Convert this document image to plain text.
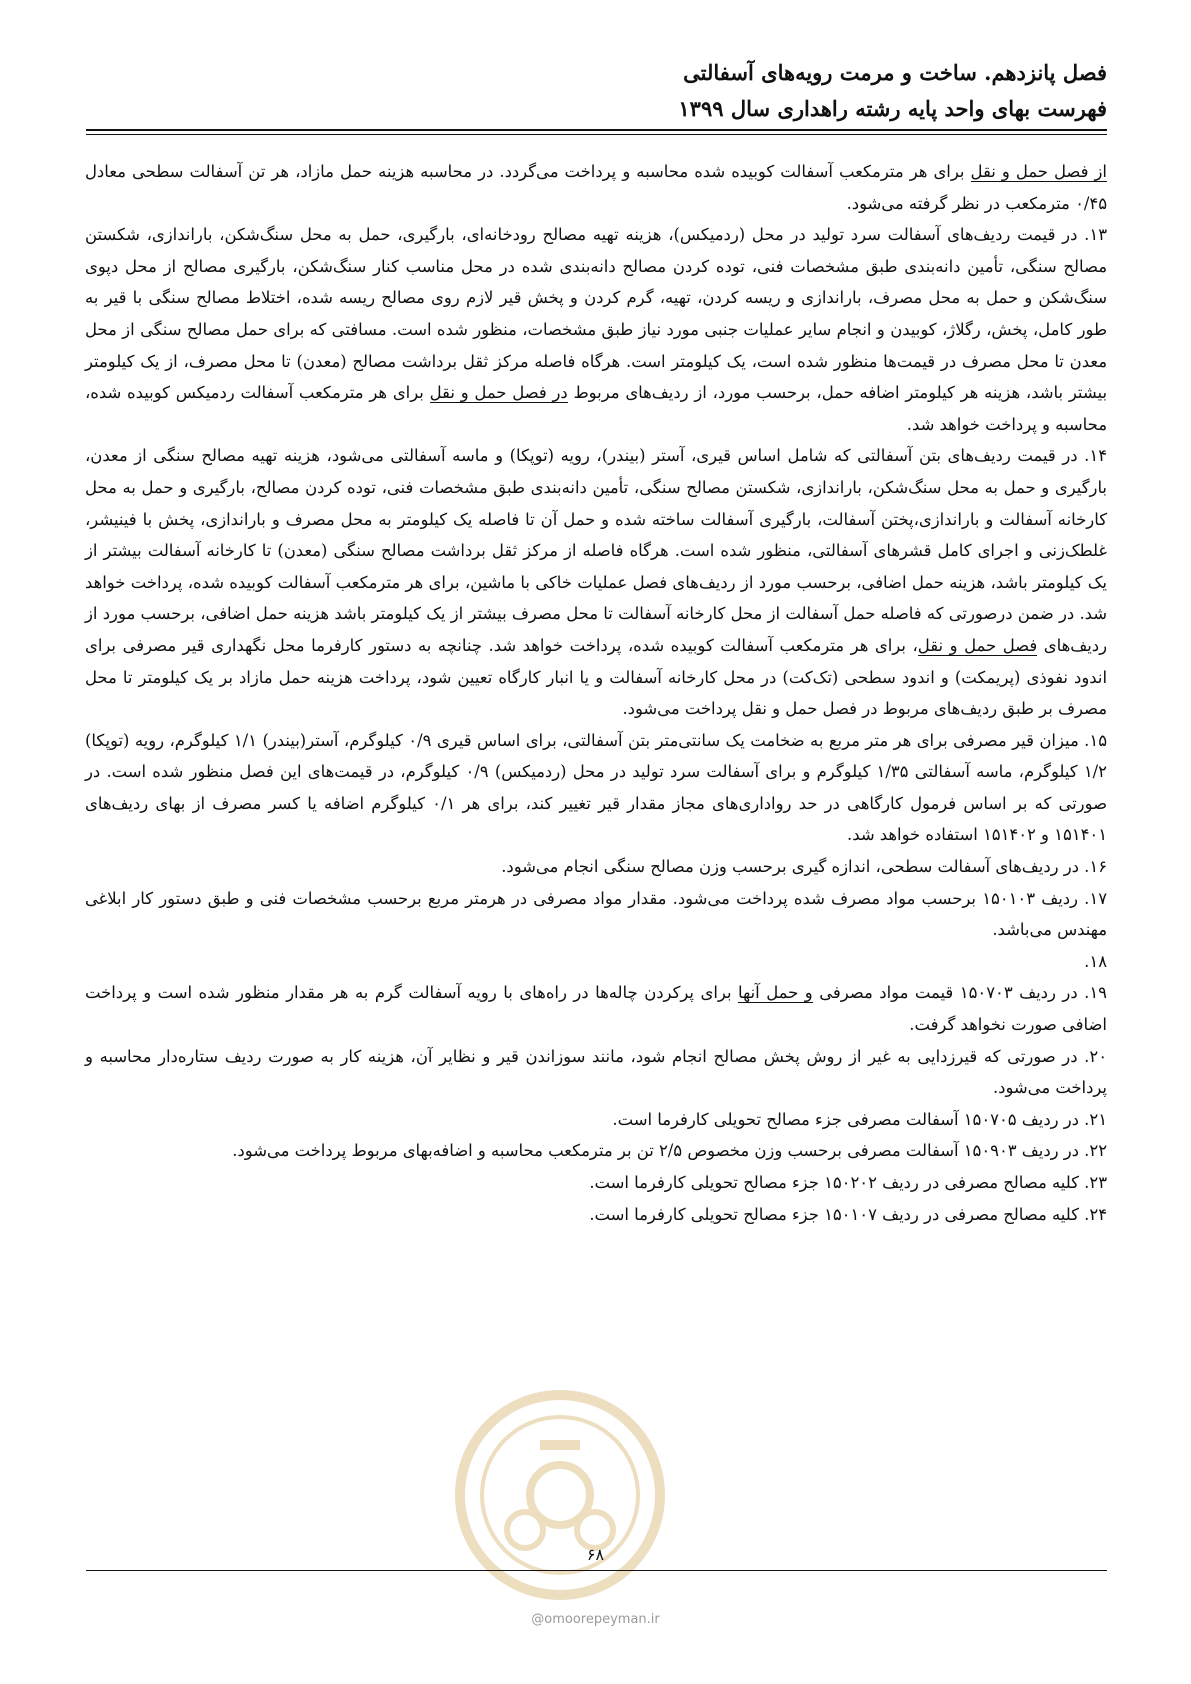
فصل پانزدهم. ساخت و مرمت رویه‌های آسفالتی
فهرست بهای واحد پایه رشته راهداری سال ۱۳۹۹

از فصل حمل و نقل برای هر مترمکعب آسفالت کوبیده شده محاسبه و پرداخت می‌گردد. در محاسبه هزینه حمل مازاد، هر تن آسفالت سطحی معادل ۰/۴۵ مترمکعب در نظر گرفته می‌شود.

۱۳. در قیمت ردیف‌های آسفالت سرد تولید در محل (ردمیکس)، هزینه تهیه مصالح رودخانه‌ای، بارگیری، حمل به محل سنگ‌شکن، باراندازی، شکستن مصالح سنگی، تأمین دانه‌بندی طبق مشخصات فنی، توده کردن مصالح دانه‌بندی شده در محل مناسب کنار سنگ‌شکن، بارگیری مصالح از محل دپوی سنگ‌شکن و حمل به محل مصرف، باراندازی و ریسه کردن، تهیه، گرم کردن و پخش قیر لازم روی مصالح ریسه شده، اختلاط مصالح سنگی با قیر به طور کامل، پخش، رگلاژ، کوبیدن و انجام سایر عملیات جنبی مورد نیاز طبق مشخصات، منظور شده است. مسافتی که برای حمل مصالح سنگی از محل معدن تا محل مصرف در قیمت‌ها منظور شده است، یک کیلومتر است. هرگاه فاصله مرکز ثقل برداشت مصالح (معدن) تا محل مصرف، از یک کیلومتر بیشتر باشد، هزینه هر کیلومتر اضافه حمل، برحسب مورد، از ردیف‌های مربوط در فصل حمل و نقل برای هر مترمکعب آسفالت ردمیکس کوبیده شده، محاسبه و پرداخت خواهد شد.

۱۴. در قیمت ردیف‌های بتن آسفالتی که شامل اساس قیری، آستر (بیندر)، رویه (توپکا) و ماسه آسفالتی می‌شود، هزینه تهیه مصالح سنگی از معدن، بارگیری و حمل به محل سنگ‌شکن، باراندازی، شکستن مصالح سنگی، تأمین دانه‌بندی طبق مشخصات فنی، توده کردن مصالح، بارگیری و حمل به محل کارخانه آسفالت و باراندازی،پختن آسفالت، بارگیری آسفالت ساخته شده و حمل آن تا فاصله یک کیلومتر به محل مصرف و باراندازی، پخش با فینیشر، غلطک‌زنی و اجرای کامل قشرهای آسفالتی، منظور شده است. هرگاه فاصله از مرکز ثقل برداشت مصالح سنگی (معدن) تا کارخانه آسفالت بیشتر از یک کیلومتر باشد، هزینه حمل اضافی، برحسب مورد از ردیف‌های فصل عملیات خاکی با ماشین، برای هر مترمکعب آسفالت کوبیده شده، پرداخت خواهد شد. در ضمن درصورتی که فاصله حمل آسفالت از محل کارخانه آسفالت تا محل مصرف بیشتر از یک کیلومتر باشد هزینه حمل اضافی، برحسب مورد از ردیف‌های فصل حمل و نقل، برای هر مترمکعب آسفالت کوبیده شده، پرداخت خواهد شد. چنانچه به دستور کارفرما محل نگهداری قیر مصرفی برای اندود نفوذی (پریمکت) و اندود سطحی (تک‌کت) در محل کارخانه آسفالت و یا انبار کارگاه تعیین شود، پرداخت هزینه حمل مازاد بر یک کیلومتر تا محل مصرف بر طبق ردیف‌های مربوط در فصل حمل و نقل پرداخت می‌شود.

۱۵. میزان قیر مصرفی برای هر متر مربع به ضخامت یک سانتی‌متر بتن آسفالتی، برای اساس قیری ۰/۹ کیلوگرم، آستر(بیندر) ۱/۱ کیلوگرم، رویه (توپکا) ۱/۲ کیلوگرم، ماسه آسفالتی ۱/۳۵ کیلوگرم و برای آسفالت سرد تولید در محل (ردمیکس) ۰/۹ کیلوگرم، در قیمت‌های این فصل منظور شده است. در صورتی که بر اساس فرمول کارگاهی در حد رواداری‌های مجاز مقدار قیر تغییر کند، برای هر ۰/۱ کیلوگرم اضافه یا کسر مصرف از بهای ردیف‌های ۱۵۱۴۰۱ و ۱۵۱۴۰۲ استفاده خواهد شد.

۱۶. در ردیف‌های آسفالت سطحی، اندازه گیری برحسب وزن مصالح سنگی انجام می‌شود.

۱۷. ردیف ۱۵۰۱۰۳ برحسب مواد مصرف شده پرداخت می‌شود. مقدار مواد مصرفی در هرمتر مربع برحسب مشخصات فنی و طبق دستور کار ابلاغی مهندس می‌باشد.

۱۸.

۱۹. در ردیف ۱۵۰۷۰۳ قیمت مواد مصرفی و حمل آنها برای پرکردن چاله‌ها در راه‌های با رویه آسفالت گرم به هر مقدار منظور شده است و پرداخت اضافی صورت نخواهد گرفت.

۲۰. در صورتی که قیرزدایی به غیر از روش پخش مصالح انجام شود، مانند سوزاندن قیر و نظایر آن، هزینه کار به صورت ردیف ستاره‌دار محاسبه و پرداخت می‌شود.

۲۱. در ردیف ۱۵۰۷۰۵ آسفالت مصرفی جزء مصالح تحویلی کارفرما است.

۲۲. در ردیف ۱۵۰۹۰۳ آسفالت مصرفی برحسب وزن مخصوص ۲/۵ تن بر مترمکعب محاسبه و اضافه‌بهای مربوط پرداخت می‌شود.

۲۳. کلیه مصالح مصرفی در ردیف ۱۵۰۲۰۲ جزء مصالح تحویلی کارفرما است.

۲۴. کلیه مصالح مصرفی در ردیف ۱۵۰۱۰۷ جزء مصالح تحویلی کارفرما است.

۶۸
@omoorepeyman.ir
